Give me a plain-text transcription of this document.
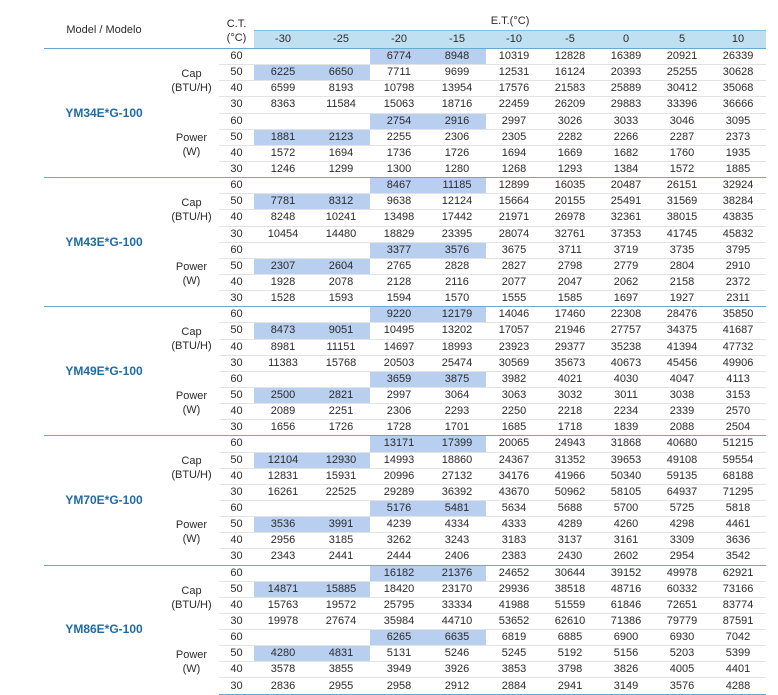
Model / Modelo		C.T.
(°C)	E.T.(°C)								
			-30	-25	-20	-15	-10	-5	0	5	10
YM34E*G-100	Cap
(BTU/H)	60			6774	8948	10319	12828	16389	20921	26339
		50	6225	6650	7711	9699	12531	16124	20393	25255	30628
		40	6599	8193	10798	13954	17576	21583	25889	30412	35068
		30	8363	11584	15063	18716	22459	26209	29883	33396	36666

	Power
(W)	60			2754	2916	2997	3026	3033	3046	3095
		50	1881	2123	2255	2306	2305	2282	2266	2287	2373
		40	1572	1694	1736	1726	1694	1669	1682	1760	1935
		30	1246	1299	1300	1280	1268	1293	1384	1572	1885
YM43E*G-100	Cap
(BTU/H)	60			8467	11185	12899	16035	20487	26151	32924
		50	7781	8312	9638	12124	15664	20155	25491	31569	38284
		40	8248	10241	13498	17442	21971	26978	32361	38015	43835
		30	10454	14480	18829	23395	28074	32761	37353	41745	45832

	Power
(W)	60			3377	3576	3675	3711	3719	3735	3795
		50	2307	2604	2765	2828	2827	2798	2779	2804	2910
		40	1928	2078	2128	2116	2077	2047	2062	2158	2372
		30	1528	1593	1594	1570	1555	1585	1697	1927	2311
YM49E*G-100	Cap
(BTU/H)	60			9220	12179	14046	17460	22308	28476	35850
		50	8473	9051	10495	13202	17057	21946	27757	34375	41687
		40	8981	11151	14697	18993	23923	29377	35238	41394	47732
		30	11383	15768	20503	25474	30569	35673	40673	45456	49906

	Power
(W)	60			3659	3875	3982	4021	4030	4047	4113
		50	2500	2821	2997	3064	3063	3032	3011	3038	3153
		40	2089	2251	2306	2293	2250	2218	2234	2339	2570
		30	1656	1726	1728	1701	1685	1718	1839	2088	2504
YM70E*G-100	Cap
(BTU/H)	60			13171	17399	20065	24943	31868	40680	51215
		50	12104	12930	14993	18860	24367	31352	39653	49108	59554
		40	12831	15931	20996	27132	34176	41966	50340	59135	68188
		30	16261	22525	29289	36392	43670	50962	58105	64937	71295

	Power
(W)	60			5176	5481	5634	5688	5700	5725	5818
		50	3536	3991	4239	4334	4333	4289	4260	4298	4461
		40	2956	3185	3262	3243	3183	3137	3161	3309	3636
		30	2343	2441	2444	2406	2383	2430	2602	2954	3542
YM86E*G-100	Cap
(BTU/H)	60			16182	21376	24652	30644	39152	49978	62921
		50	14871	15885	18420	23170	29936	38518	48716	60332	73166
		40	15763	19572	25795	33334	41988	51559	61846	72651	83774
		30	19978	27674	35984	44710	53652	62610	71386	79779	87591

	Power
(W)	60			6265	6635	6819	6885	6900	6930	7042
		50	4280	4831	5131	5246	5245	5192	5156	5203	5399
		40	3578	3855	3949	3926	3853	3798	3826	4005	4401
		30	2836	2955	2958	2912	2884	2941	3149	3576	4288
